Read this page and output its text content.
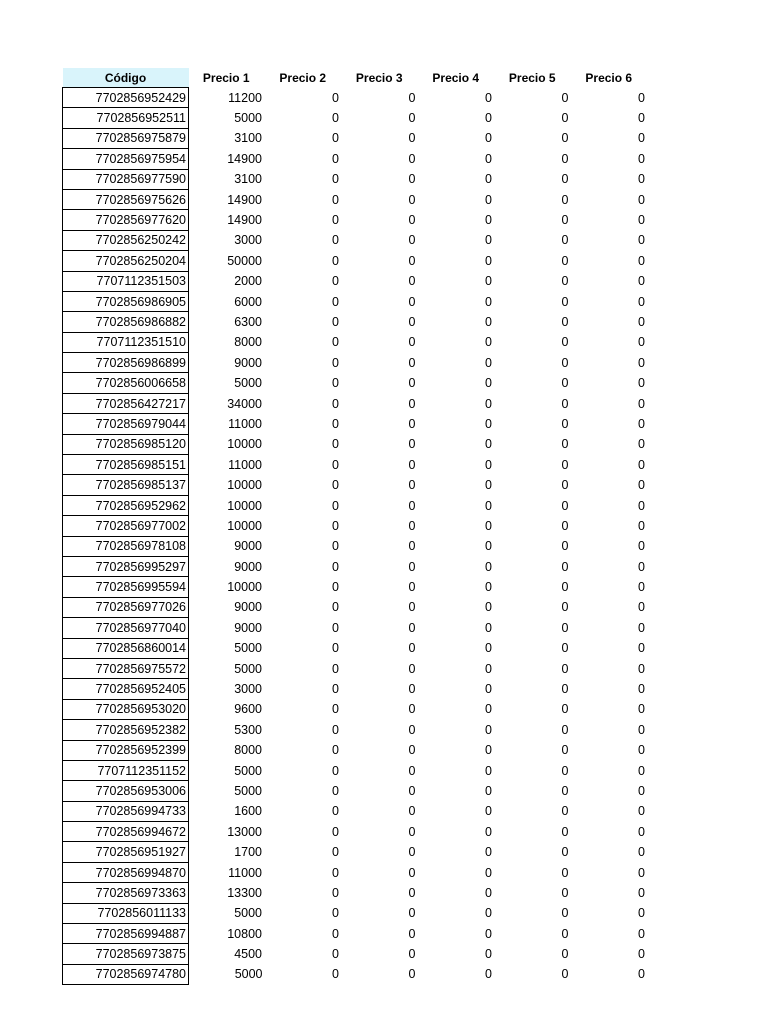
Código	Precio 1	Precio 2	Precio 3	Precio 4	Precio 5	Precio 6
7702856952429	11200	0	0	0	0	0
7702856952511	5000	0	0	0	0	0
7702856975879	3100	0	0	0	0	0
7702856975954	14900	0	0	0	0	0
7702856977590	3100	0	0	0	0	0
7702856975626	14900	0	0	0	0	0
7702856977620	14900	0	0	0	0	0
7702856250242	3000	0	0	0	0	0
7702856250204	50000	0	0	0	0	0
7707112351503	2000	0	0	0	0	0
7702856986905	6000	0	0	0	0	0
7702856986882	6300	0	0	0	0	0
7707112351510	8000	0	0	0	0	0
7702856986899	9000	0	0	0	0	0
7702856006658	5000	0	0	0	0	0
7702856427217	34000	0	0	0	0	0
7702856979044	11000	0	0	0	0	0
7702856985120	10000	0	0	0	0	0
7702856985151	11000	0	0	0	0	0
7702856985137	10000	0	0	0	0	0
7702856952962	10000	0	0	0	0	0
7702856977002	10000	0	0	0	0	0
7702856978108	9000	0	0	0	0	0
7702856995297	9000	0	0	0	0	0
7702856995594	10000	0	0	0	0	0
7702856977026	9000	0	0	0	0	0
7702856977040	9000	0	0	0	0	0
7702856860014	5000	0	0	0	0	0
7702856975572	5000	0	0	0	0	0
7702856952405	3000	0	0	0	0	0
7702856953020	9600	0	0	0	0	0
7702856952382	5300	0	0	0	0	0
7702856952399	8000	0	0	0	0	0
7707112351152	5000	0	0	0	0	0
7702856953006	5000	0	0	0	0	0
7702856994733	1600	0	0	0	0	0
7702856994672	13000	0	0	0	0	0
7702856951927	1700	0	0	0	0	0
7702856994870	11000	0	0	0	0	0
7702856973363	13300	0	0	0	0	0
7702856011133	5000	0	0	0	0	0
7702856994887	10800	0	0	0	0	0
7702856973875	4500	0	0	0	0	0
7702856974780	5000	0	0	0	0	0
